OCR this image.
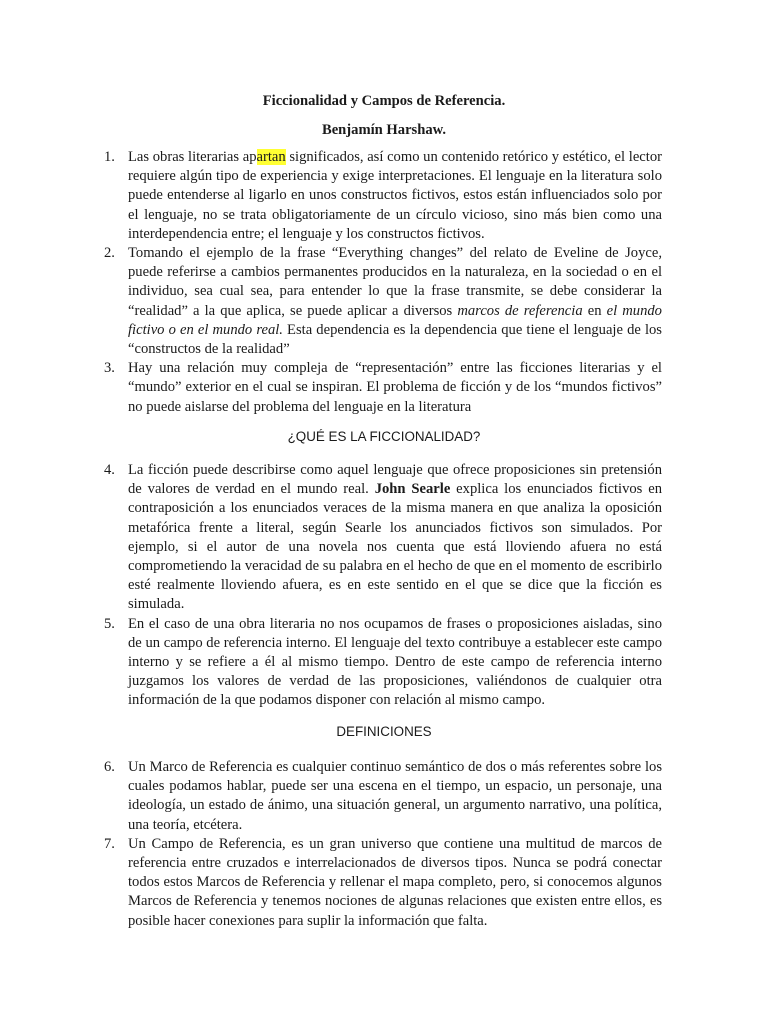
Ficcionalidad y Campos de Referencia.
Benjamín Harshaw.
1. Las obras literarias apartan significados, así como un contenido retórico y estético, el lector requiere algún tipo de experiencia y exige interpretaciones. El lenguaje en la literatura solo puede entenderse al ligarlo en unos constructos fictivos, estos están influenciados solo por el lenguaje, no se trata obligatoriamente de un círculo vicioso, sino más bien como una interdependencia entre; el lenguaje y los constructos fictivos.
2. Tomando el ejemplo de la frase “Everything changes” del relato de Eveline de Joyce, puede referirse a cambios permanentes producidos en la naturaleza, en la sociedad o en el individuo, sea cual sea, para entender lo que la frase transmite, se debe considerar la “realidad” a la que aplica, se puede aplicar a diversos marcos de referencia en el mundo fictivo o en el mundo real. Esta dependencia es la dependencia que tiene el lenguaje de los “constructos de la realidad”
3. Hay una relación muy compleja de “representación” entre las ficciones literarias y el “mundo” exterior en el cual se inspiran. El problema de ficción y de los “mundos fictivos” no puede aislarse del problema del lenguaje en la literatura
¿QUÉ ES LA FICCIONALIDAD?
4. La ficción puede describirse como aquel lenguaje que ofrece proposiciones sin pretensión de valores de verdad en el mundo real. John Searle explica los enunciados fictivos en contraposición a los enunciados veraces de la misma manera en que analiza la oposición metafórica frente a literal, según Searle los anunciados fictivos son simulados. Por ejemplo, si el autor de una novela nos cuenta que está lloviendo afuera no está comprometiendo la veracidad de su palabra en el hecho de que en el momento de escribirlo esté realmente lloviendo afuera, es en este sentido en el que se dice que la ficción es simulada.
5. En el caso de una obra literaria no nos ocupamos de frases o proposiciones aisladas, sino de un campo de referencia interno. El lenguaje del texto contribuye a establecer este campo interno y se refiere a él al mismo tiempo. Dentro de este campo de referencia interno juzgamos los valores de verdad de las proposiciones, valiéndonos de cualquier otra información de la que podamos disponer con relación al mismo campo.
DEFINICIONES
6. Un Marco de Referencia es cualquier continuo semántico de dos o más referentes sobre los cuales podamos hablar, puede ser una escena en el tiempo, un espacio, un personaje, una ideología, un estado de ánimo, una situación general, un argumento narrativo, una política, una teoría, etcétera.
7. Un Campo de Referencia, es un gran universo que contiene una multitud de marcos de referencia entre cruzados e interrelacionados de diversos tipos. Nunca se podrá conectar todos estos Marcos de Referencia y rellenar el mapa completo, pero, si conocemos algunos Marcos de Referencia y tenemos nociones de algunas relaciones que existen entre ellos, es posible hacer conexiones para suplir la información que falta.
